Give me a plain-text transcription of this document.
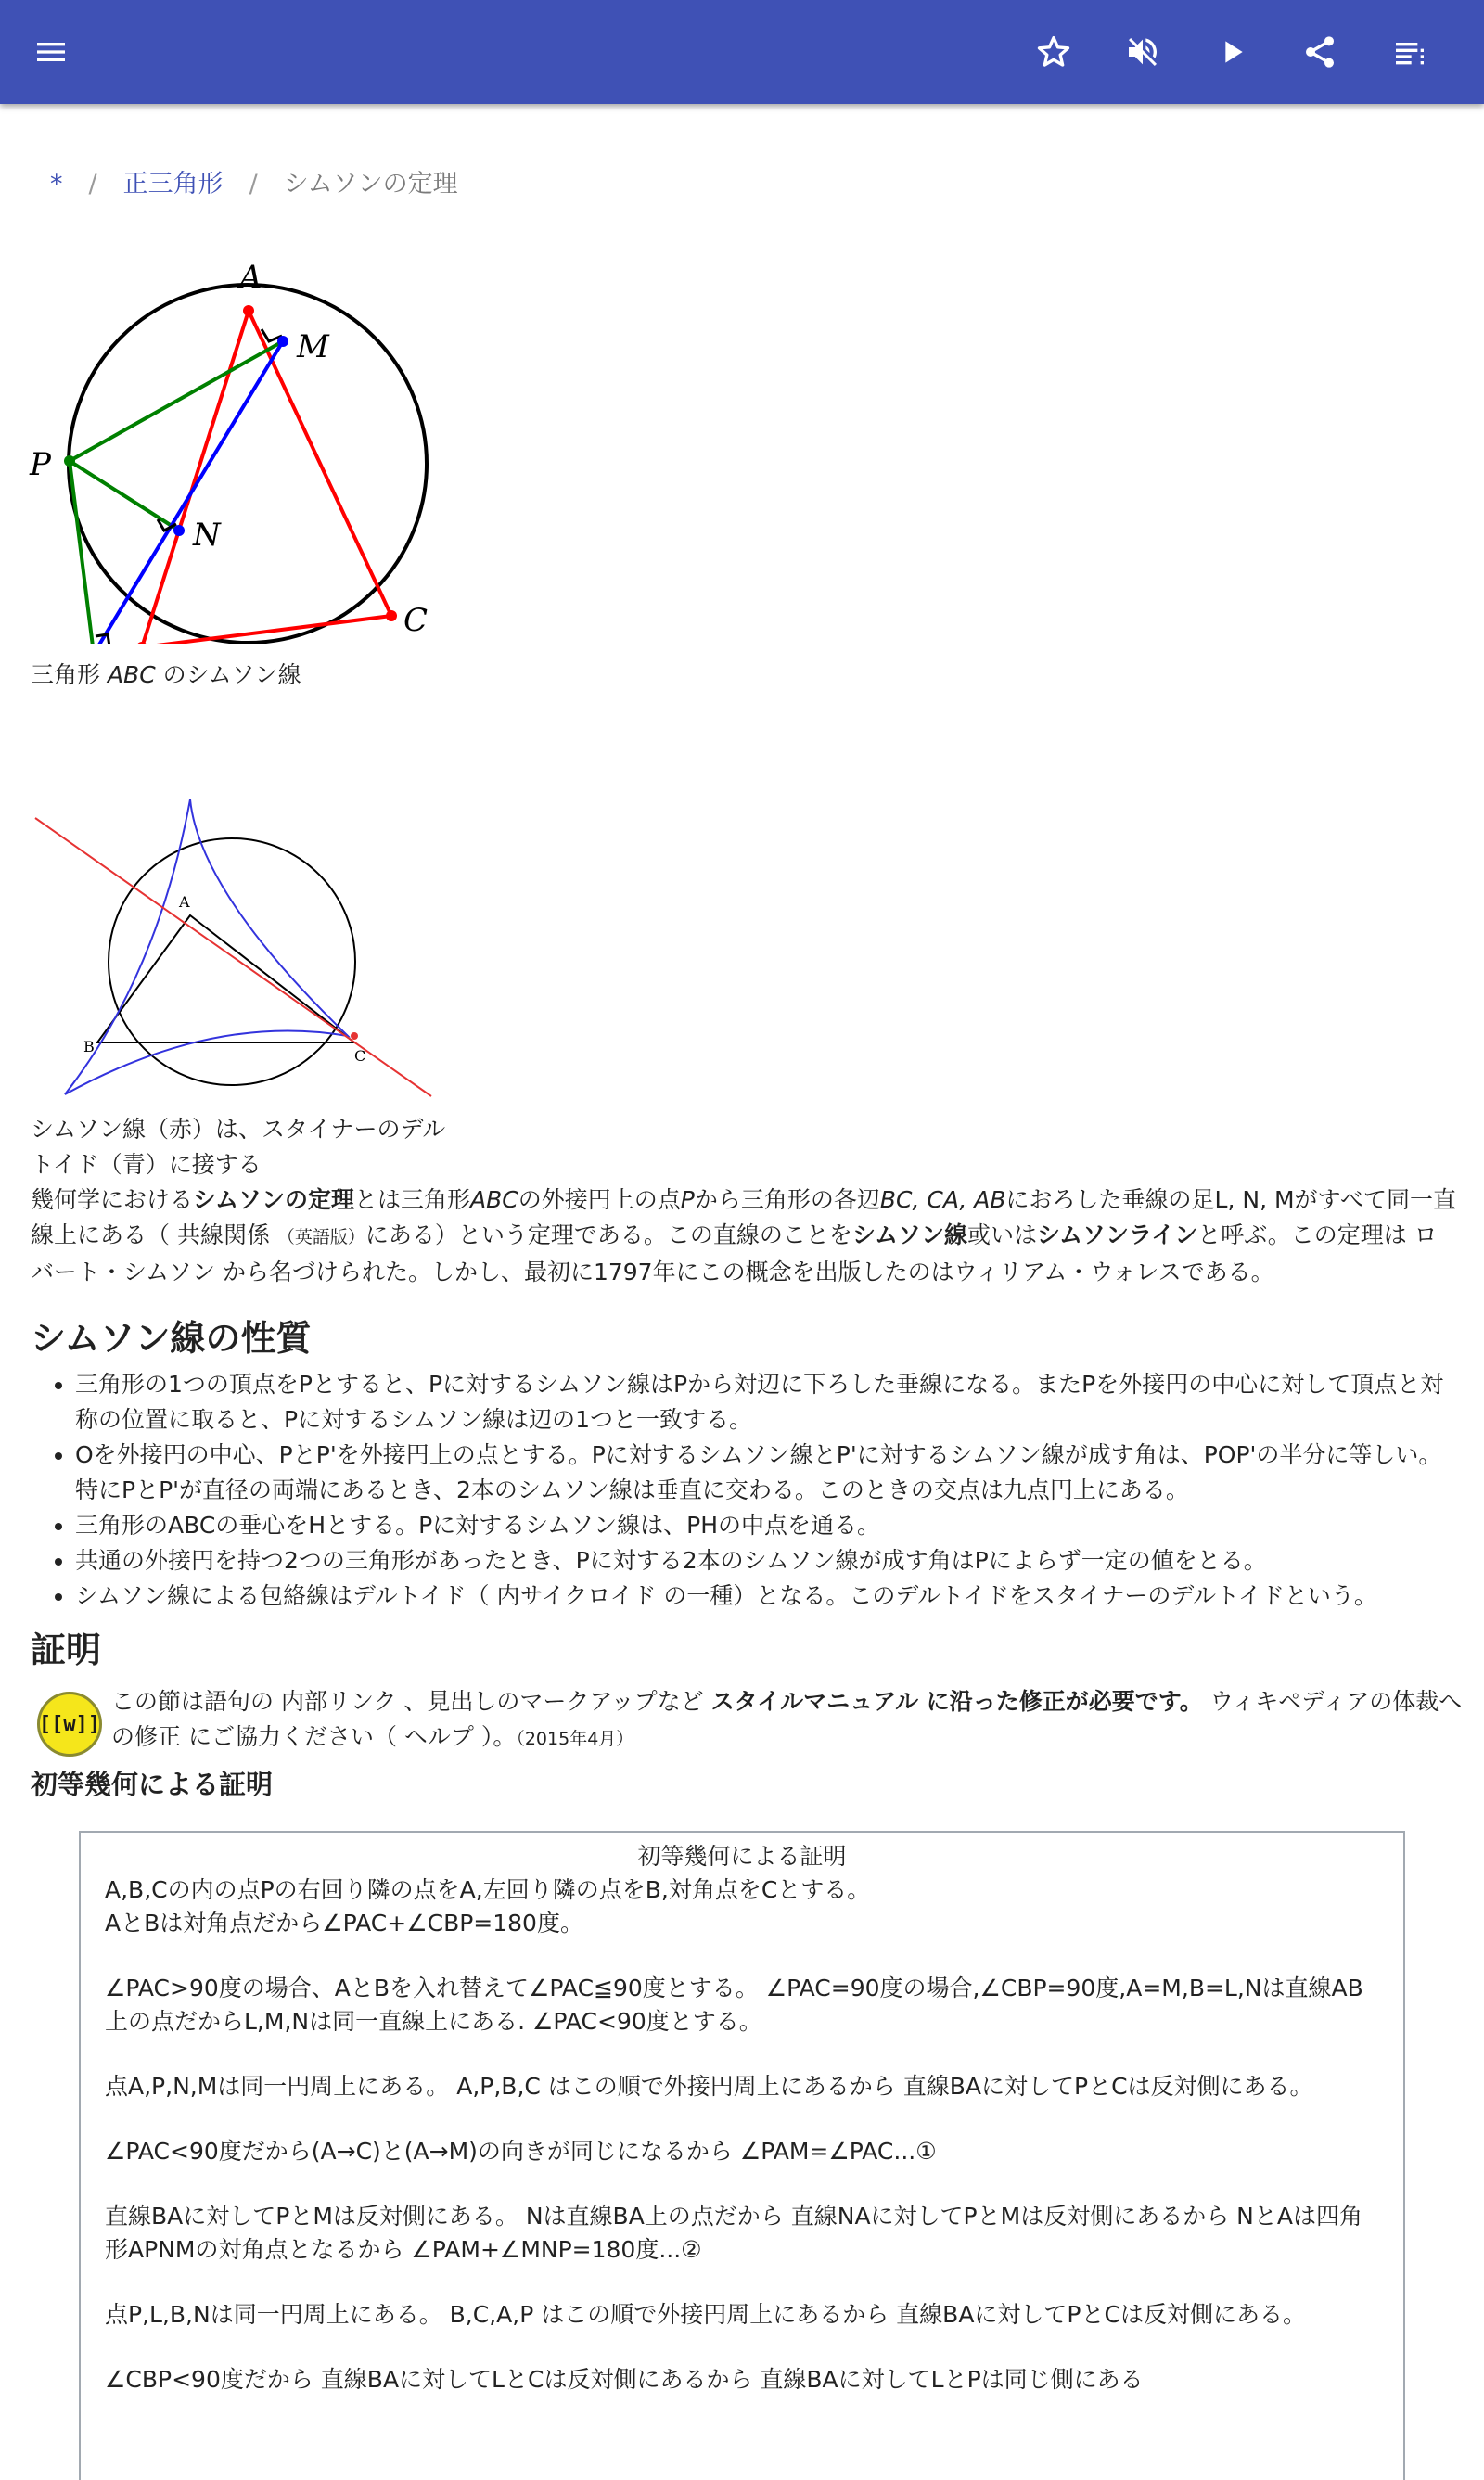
* / 正三角形 / シムソンの定理
A
M
P
N
C
三角形 ABC のシムソン線
A
B
C
シムソン線（赤）は、スタイナーのデルトイド（青）に接する
幾何学におけるシムソンの定理とは三角形ABCの外接円上の点Pから三角形の各辺BC, CA, ABにおろした垂線の足L, N, Mがすべて同一直線上にある（ 共線関係 （英語版）にある）という定理である。この直線のことをシムソン線或いはシムソンラインと呼ぶ。この定理は ロバート・シムソン から名づけられた。しかし、最初に1797年にこの概念を出版したのはウィリアム・ウォレスである。
シムソン線の性質
• 三角形の1つの頂点をPとすると、Pに対するシムソン線はPから対辺に下ろした垂線になる。またPを外接円の中心に対して頂点と対称の位置に取ると、Pに対するシムソン線は辺の1つと一致する。
• Oを外接円の中心、PとP'を外接円上の点とする。Pに対するシムソン線とP'に対するシムソン線が成す角は、POP'の半分に等しい。特にPとP'が直径の両端にあるとき、2本のシムソン線は垂直に交わる。このときの交点は九点円上にある。
• 三角形のABCの垂心をHとする。Pに対するシムソン線は、PHの中点を通る。
• 共通の外接円を持つ2つの三角形があったとき、Pに対する2本のシムソン線が成す角はPによらず一定の値をとる。
• シムソン線による包絡線はデルトイド（ 内サイクロイド の一種）となる。このデルトイドをスタイナーのデルトイドという。
証明
[[w]]
この節は語句の 内部リンク 、見出しのマークアップなど スタイルマニュアル に沿った修正が必要です。 ウィキペディアの体裁への修正 にご協力ください（ ヘルプ ）。（2015年4月）
初等幾何による証明
初等幾何による証明

A,B,Cの内の点Pの右回り隣の点をA,左回り隣の点をB,対角点をCとする。
AとBは対角点だから∠PAC+∠CBP=180度。

∠PAC>90度の場合、AとBを入れ替えて∠PAC≦90度とする。 ∠PAC=90度の場合,∠CBP=90度,A=M,B=L,Nは直線AB上の点だからL,M,Nは同一直線上にある. ∠PAC<90度とする。

点A,P,N,Mは同一円周上にある。 A,P,B,C はこの順で外接円周上にあるから 直線BAに対してPとCは反対側にある。

∠PAC<90度だから(A→C)と(A→M)の向きが同じになるから ∠PAM=∠PAC...①

直線BAに対してPとMは反対側にある。 Nは直線BA上の点だから 直線NAに対してPとMは反対側にあるから NとAは四角形APNMの対角点となるから ∠PAM+∠MNP=180度...②

点P,L,B,Nは同一円周上にある。 B,C,A,P はこの順で外接円周上にあるから 直線BAに対してPとCは反対側にある。

∠CBP<90度だから 直線BAに対してLとCは反対側にあるから 直線BAに対してLとPは同じ側にある
